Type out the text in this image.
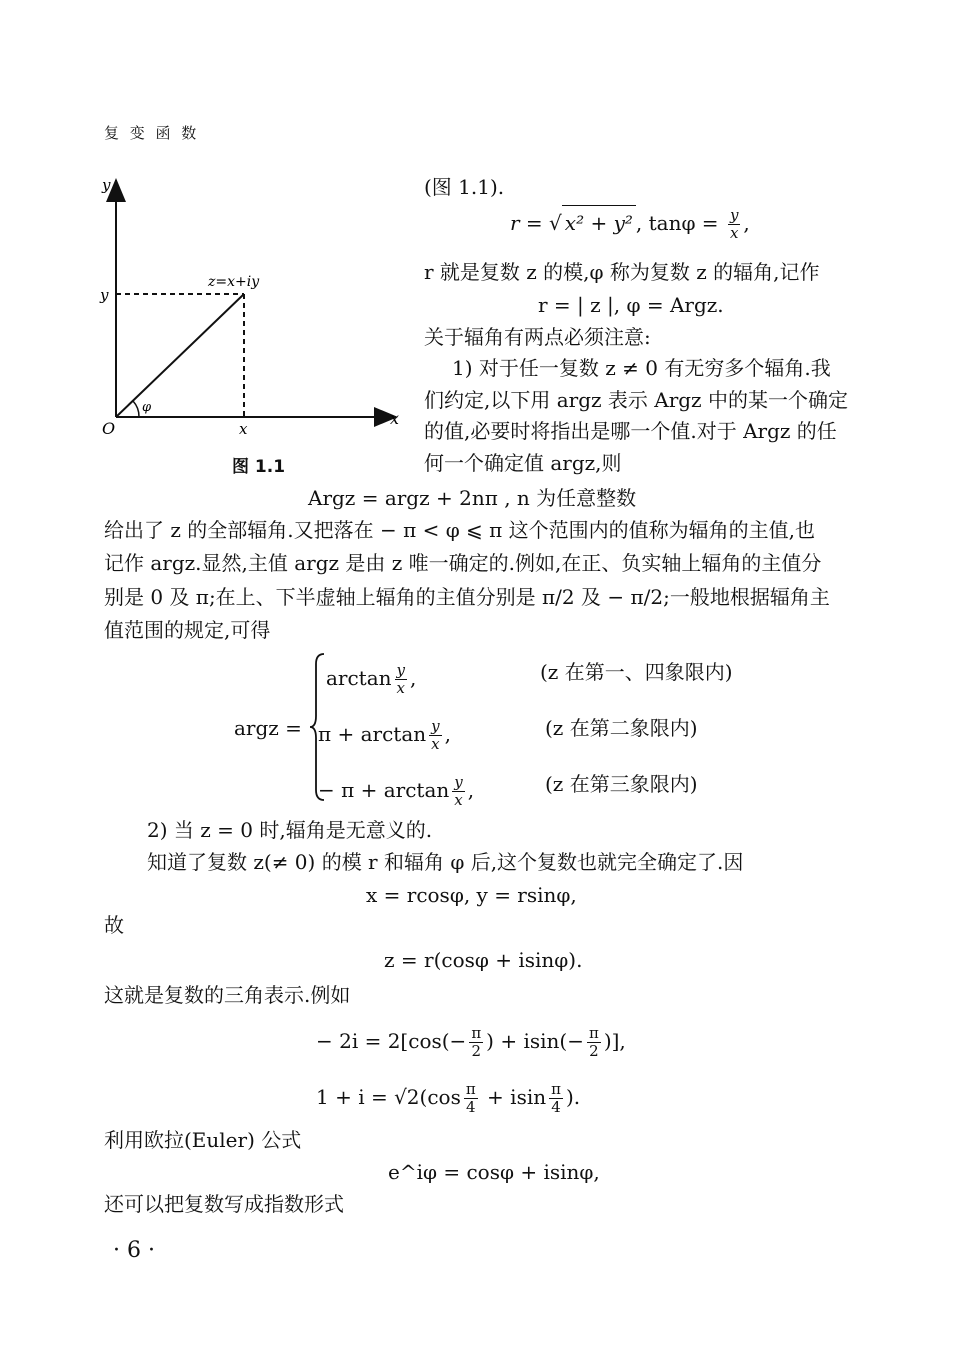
复 变 函 数
y
x
O
z=x+iy
y
x
φ
图 1.1
(图 1.1).
r = √ x² + y² , $\tan\varphi = \frac{y}{x}$ ,
r 就是复数 z 的模,φ 称为复数 z 的辐角,记作
r = | z |, φ = Argz.
关于辐角有两点必须注意:
1) 对于任一复数 z ≠ 0 有无穷多个辐角.我
们约定,以下用 argz 表示 Argz 中的某一个确定
的值,必要时将指出是哪一个值.对于 Argz 的任
何一个确定值 argz,则
Argz = argz + 2nπ , n 为任意整数
给出了 z 的全部辐角.又把落在 − π < φ ⩽ π 这个范围内的值称为辐角的主值,也
记作 argz.显然,主值 argz 是由 z 唯一确定的.例如,在正、负实轴上辐角的主值分
别是 0 及 π;在上、下半虚轴上辐角的主值分别是 π/2 及 − π/2;一般地根据辐角主
值范围的规定,可得
argz =
$\arctan \frac{y}{x}$ ,	(z 在第一、四象限内)
$\pi + \arctan \frac{y}{x}$ ,	(z 在第二象限内)
− $\pi + \arctan \frac{y}{x}$ ,	(z 在第三象限内)
2) 当 z = 0 时,辐角是无意义的.
知道了复数 z(≠ 0) 的模 r 和辐角 φ 后,这个复数也就完全确定了.因
x = rcosφ, y = rsinφ,
故
z = r(cosφ + isinφ).
这就是复数的三角表示.例如
− $2i = 2[\cos(- \frac{\pi}{2}$ ) + $isin(- \frac{\pi}{2}$ )],
$1 + i = √2(\cos \frac{\pi}{4} + isin \frac{\pi}{4}$ ).
利用欧拉(Euler) 公式
e^iφ = cosφ + isinφ,
还可以把复数写成指数形式
· 6 ·
